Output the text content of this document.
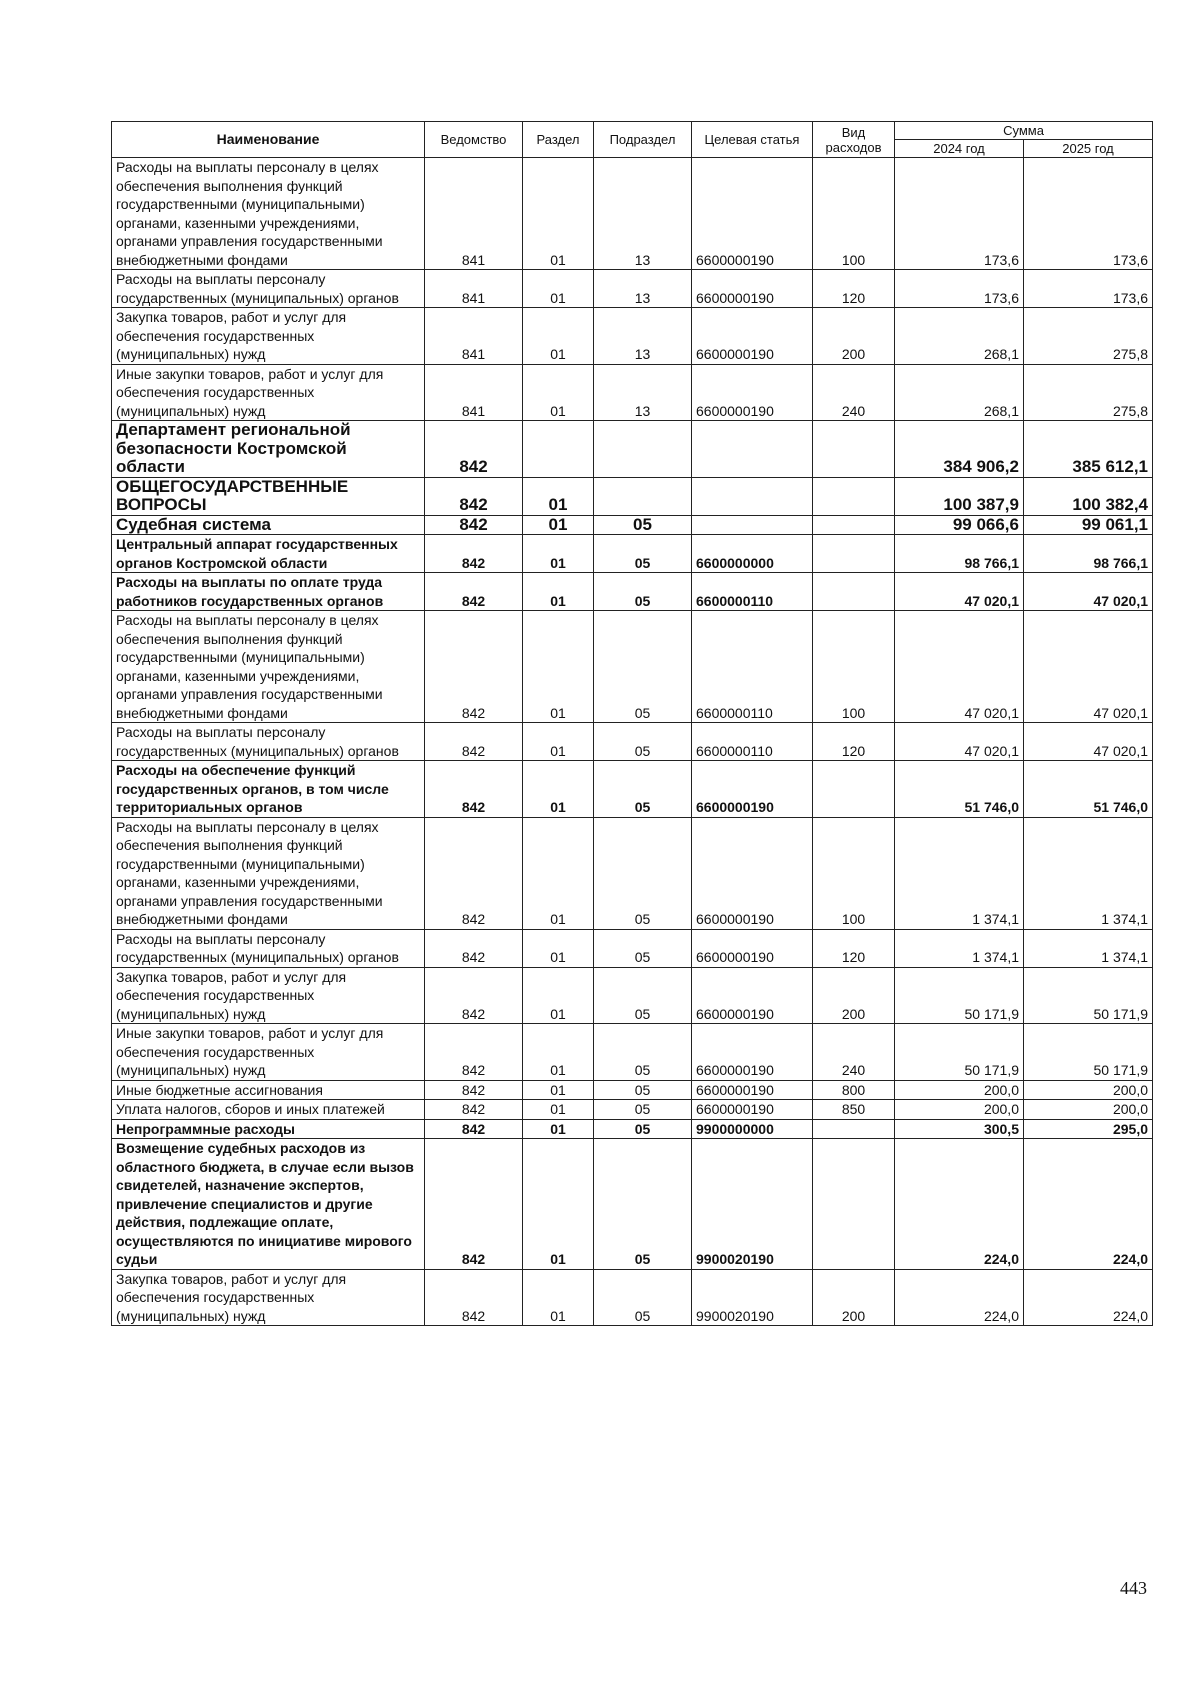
Наименование	Ведомство	Раздел	Подраздел	Целевая статья	Вид расходов	Сумма	
						2024 год	2025 год
Расходы на выплаты персоналу в целях обеспечения выполнения функций государственными (муниципальными) органами, казенными учреждениями, органами управления государственными внебюджетными фондами	841	01	13	6600000190	100	173,6	173,6
Расходы на выплаты персоналу государственных (муниципальных) органов	841	01	13	6600000190	120	173,6	173,6
Закупка товаров, работ и услуг для обеспечения государственных (муниципальных) нужд	841	01	13	6600000190	200	268,1	275,8
Иные закупки товаров, работ и услуг для обеспечения государственных (муниципальных) нужд	841	01	13	6600000190	240	268,1	275,8
Департамент региональной безопасности Костромской области	842					384 906,2	385 612,1
ОБЩЕГОСУДАРСТВЕННЫЕ ВОПРОСЫ	842	01				100 387,9	100 382,4
Судебная система	842	01	05			99 066,6	99 061,1
Центральный аппарат государственных органов Костромской области	842	01	05	6600000000		98 766,1	98 766,1
Расходы на выплаты по оплате труда работников государственных органов	842	01	05	6600000110		47 020,1	47 020,1
Расходы на выплаты персоналу в целях обеспечения выполнения функций государственными (муниципальными) органами, казенными учреждениями, органами управления государственными внебюджетными фондами	842	01	05	6600000110	100	47 020,1	47 020,1
Расходы на выплаты персоналу государственных (муниципальных) органов	842	01	05	6600000110	120	47 020,1	47 020,1
Расходы на обеспечение функций государственных органов, в том числе территориальных органов	842	01	05	6600000190		51 746,0	51 746,0
Расходы на выплаты персоналу в целях обеспечения выполнения функций государственными (муниципальными) органами, казенными учреждениями, органами управления государственными внебюджетными фондами	842	01	05	6600000190	100	1 374,1	1 374,1
Расходы на выплаты персоналу государственных (муниципальных) органов	842	01	05	6600000190	120	1 374,1	1 374,1
Закупка товаров, работ и услуг для обеспечения государственных (муниципальных) нужд	842	01	05	6600000190	200	50 171,9	50 171,9
Иные закупки товаров, работ и услуг для обеспечения государственных (муниципальных) нужд	842	01	05	6600000190	240	50 171,9	50 171,9
Иные бюджетные ассигнования	842	01	05	6600000190	800	200,0	200,0
Уплата налогов, сборов и иных платежей	842	01	05	6600000190	850	200,0	200,0
Непрограммные расходы	842	01	05	9900000000		300,5	295,0
Возмещение судебных расходов из областного бюджета, в случае если вызов свидетелей, назначение экспертов, привлечение специалистов и другие действия, подлежащие оплате, осуществляются по инициативе мирового судьи	842	01	05	9900020190		224,0	224,0
Закупка товаров, работ и услуг для обеспечения государственных (муниципальных) нужд	842	01	05	9900020190	200	224,0	224,0
443
